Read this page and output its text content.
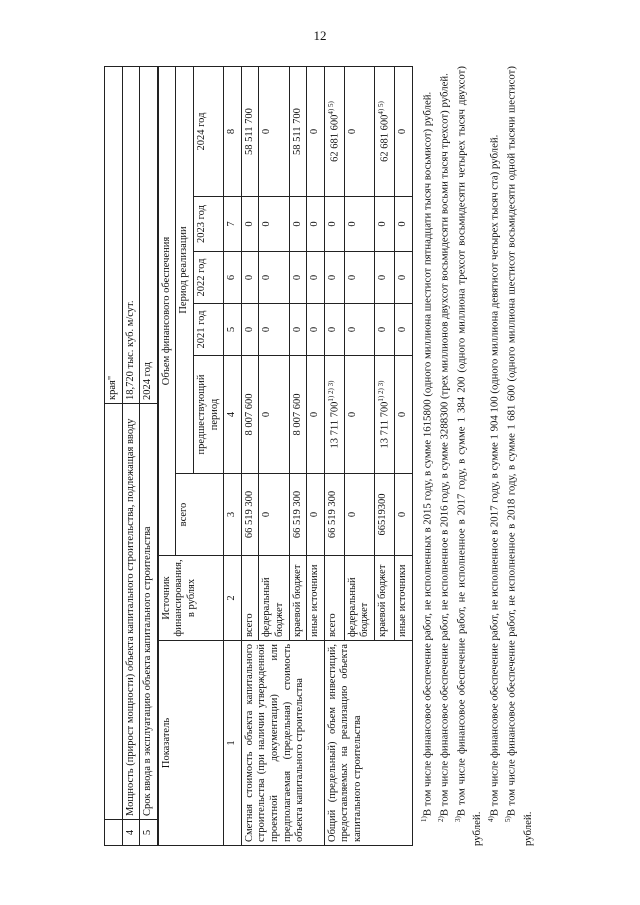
12
		края"
4	Мощность (прирост мощности) объекта капитального строительства, подлежащая вводу	18,720 тыс. куб. м/сут.
5	Срок ввода в эксплуатацию объекта капитального строительства	2024 год
Показатель	Источник финансирования, в рублях	Объем финансового обеспечения					
		всего	Период реализации				
			предшествующий период	2021 год	2022 год	2023 год	2024 год
1	2	3	4	5	6	7	8
Сметная стоимость объекта капитального строительства (при наличии утвержденной проектной документации) или предполагаемая (предельная) стоимость объекта капитального строительства	всего	66 519 300	8 007 600	0	0	0	58 511 700
	федеральный бюджет	0	0	0	0	0	0
	краевой бюджет	66 519 300	8 007 600	0	0	0	58 511 700
	иные источники	0	0	0	0	0	0
Общий (предельный) объем инвестиций, предоставляемых на реализацию объекта капитального строительства	всего	66 519 300	13 711 $700^{1) 2) 3)}$	0	0	0	62 681 $600^{4) 5)}$
	федеральный бюджет	0	0	0	0	0	0
	краевой бюджет	66519300	13 711 $700^{1) 2) 3)}$	0	0	0	62 681 $600^{4) 5)}$
	иные источники	0	0	0	0	0	0

$^{1)}$В том числе финансовое обеспечение работ, не исполненных в 2015 году, в сумме 1615800 (одного миллиона шестисот пятнадцати тысяч восьмисот) рублей.

$^{2)}$В том числе финансовое обеспечение работ, не исполненное в 2016 году, в сумме 3288300 (трех миллионов двухсот восьмидесяти восьми тысяч трехсот) рублей.

$^{3)}$В том числе финансовое обеспечение работ, не исполненное в 2017 году, в сумме 1 384 200 (одного миллиона трехсот восьмидесяти четырех тысяч двухсот) рублей. $^{4)}$В том числе финансовое обеспечение работ, не исполненное в 2017 году, в сумме 1 904 100 (одного миллиона девятисот четырех тысяч ста) рублей.

$^{5)}$В том числе финансовое обеспечение работ, не исполненное в 2018 году, в сумме 1 681 600 (одного миллиона шестисот восьмидесяти одной тысячи шестисот) рублей.
